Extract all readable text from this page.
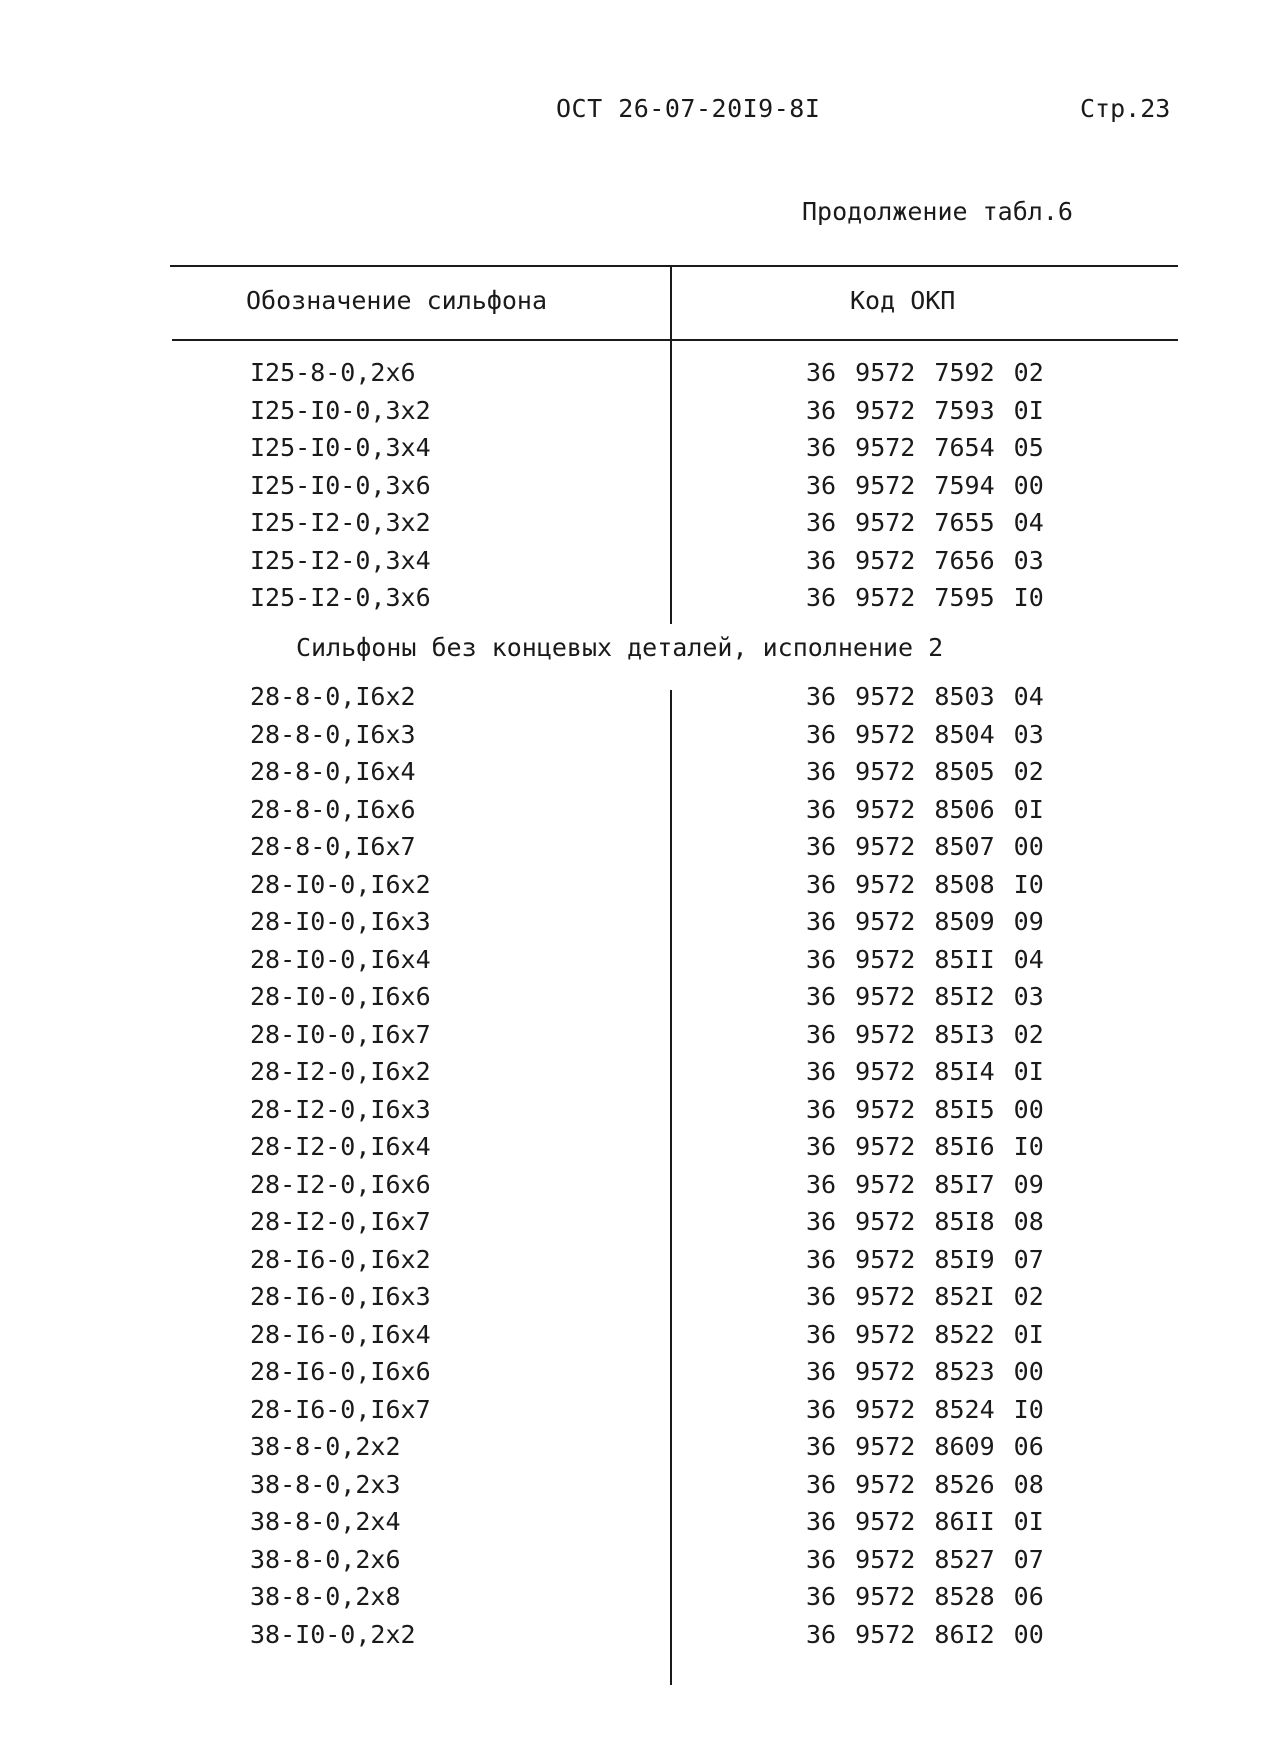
ОСТ 26-07-20I9-8I	Стр.23
Продолжение табл.6
Обозначение сильфона	Код ОКП
I25-8-0,2x6	36 9572 7592 02
I25-I0-0,3x2	36 9572 7593 0I
I25-I0-0,3x4	36 9572 7654 05
I25-I0-0,3x6	36 9572 7594 00
I25-I2-0,3x2	36 9572 7655 04
I25-I2-0,3x4	36 9572 7656 03
I25-I2-0,3x6	36 9572 7595 I0
Сильфоны без концевых деталей, исполнение 2
28-8-0,I6x2	36 9572 8503 04
28-8-0,I6x3	36 9572 8504 03
28-8-0,I6x4	36 9572 8505 02
28-8-0,I6x6	36 9572 8506 0I
28-8-0,I6x7	36 9572 8507 00
28-I0-0,I6x2	36 9572 8508 I0
28-I0-0,I6x3	36 9572 8509 09
28-I0-0,I6x4	36 9572 85II 04
28-I0-0,I6x6	36 9572 85I2 03
28-I0-0,I6x7	36 9572 85I3 02
28-I2-0,I6x2	36 9572 85I4 0I
28-I2-0,I6x3	36 9572 85I5 00
28-I2-0,I6x4	36 9572 85I6 I0
28-I2-0,I6x6	36 9572 85I7 09
28-I2-0,I6x7	36 9572 85I8 08
28-I6-0,I6x2	36 9572 85I9 07
28-I6-0,I6x3	36 9572 852I 02
28-I6-0,I6x4	36 9572 8522 0I
28-I6-0,I6x6	36 9572 8523 00
28-I6-0,I6x7	36 9572 8524 I0
38-8-0,2x2	36 9572 8609 06
38-8-0,2x3	36 9572 8526 08
38-8-0,2x4	36 9572 86II 0I
38-8-0,2x6	36 9572 8527 07
38-8-0,2x8	36 9572 8528 06
38-I0-0,2x2	36 9572 86I2 00
